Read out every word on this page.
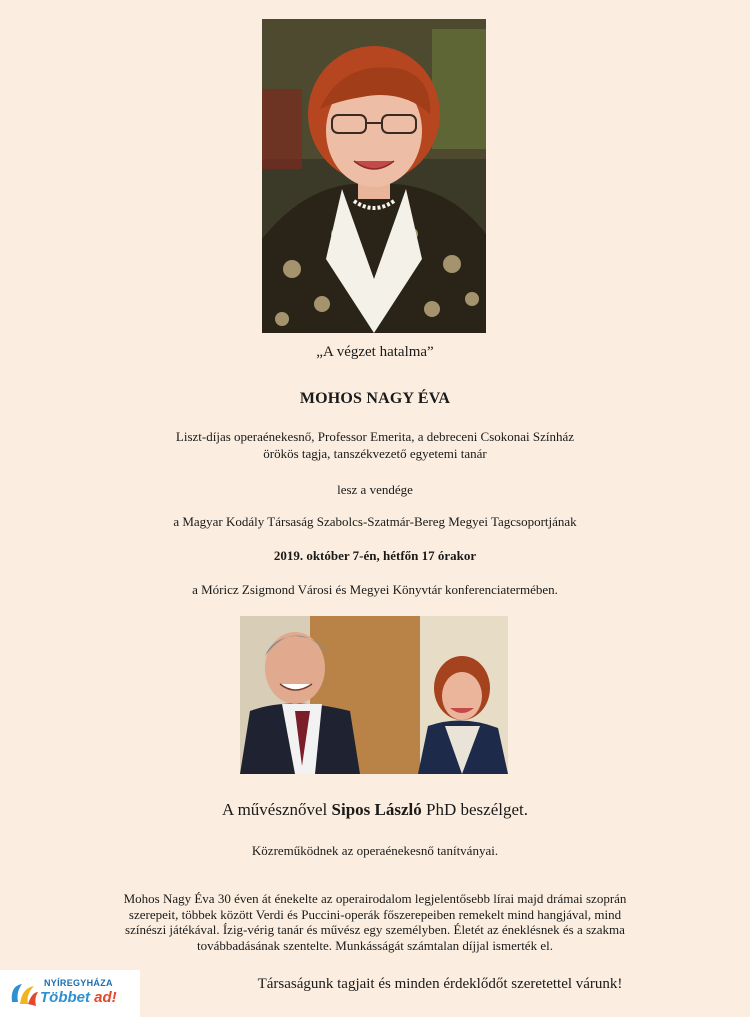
„A végzet hatalma”
MOHOS NAGY ÉVA
Liszt-díjas operaénekesnő, Professor Emerita, a debreceni Csokonai Színház
örökös tagja, tanszékvezető egyetemi tanár
lesz a vendége
a Magyar Kodály Társaság Szabolcs-Szatmár-Bereg Megyei Tagcsoportjának
2019. október 7-én, hétfőn 17 órakor
a Móricz Zsigmond Városi és Megyei Könyvtár konferenciatermében.
A művésznővel Sipos László PhD beszélget.
Közreműködnek az operaénekesnő tanítványai.
Mohos Nagy Éva 30 éven át énekelte az operairodalom legjelentősebb lírai majd drámai szoprán
szerepeit, többek között Verdi és Puccini-operák főszerepeiben remekelt mind hangjával, mind
színészi játékával. Ízig-vérig tanár és művész egy személyben. Életét az éneklésnek és a szakma
továbbadásának szentelte. Munkásságát számtalan díjjal ismerték el.
Társaságunk tagjait és minden érdeklődőt szeretettel várunk!
NYÍREGYHÁZA
Többet ad!
